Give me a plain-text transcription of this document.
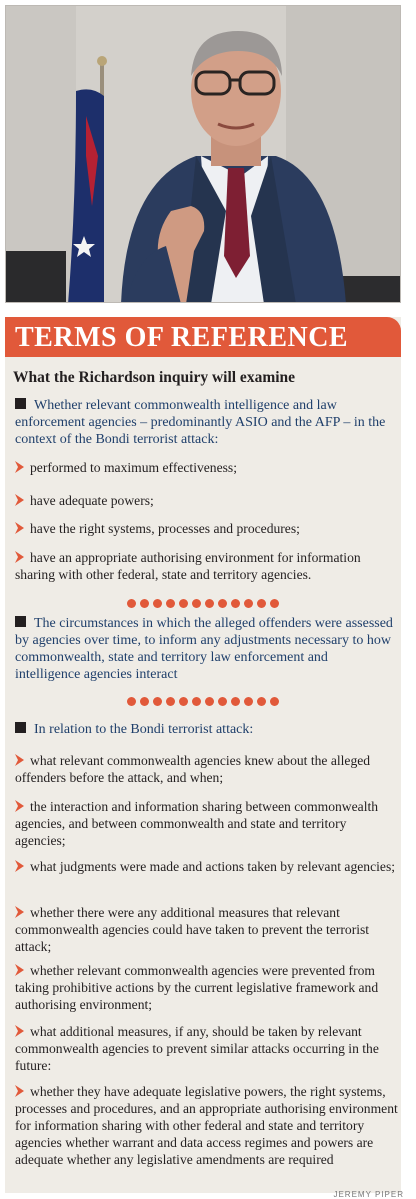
TERMS OF REFERENCE
What the Richardson inquiry will examine
Whether relevant commonwealth intelligence and law enforcement agencies – predominantly ASIO and the AFP – in the context of the Bondi terrorist attack:
performed to maximum effectiveness;
have adequate powers;
have the right systems, processes and procedures;
have an appropriate authorising environment for information sharing with other federal, state and territory agencies.
The circumstances in which the alleged offenders were assessed by agencies over time, to inform any adjustments necessary to how commonwealth, state and territory law enforcement and intelligence agencies interact
In relation to the Bondi terrorist attack:
what relevant commonwealth agencies knew about the alleged offenders before the attack, and when;
the interaction and information sharing between commonwealth agencies, and between commonwealth and state and territory agencies;
what judgments were made and actions taken by relevant agencies;
whether there were any additional measures that relevant commonwealth agencies could have taken to prevent the terrorist attack;
whether relevant commonwealth agencies were prevented from taking prohibitive actions by the current legislative framework and authorising environment;
what additional measures, if any, should be taken by relevant commonwealth agencies to prevent similar attacks occurring in the future:
whether they have adequate legislative powers, the right systems, processes and procedures, and an appropriate authorising environment for information sharing with other federal and state and territory agencies whether warrant and data access regimes and powers are adequate whether any legislative amendments are required
JEREMY PIPER
